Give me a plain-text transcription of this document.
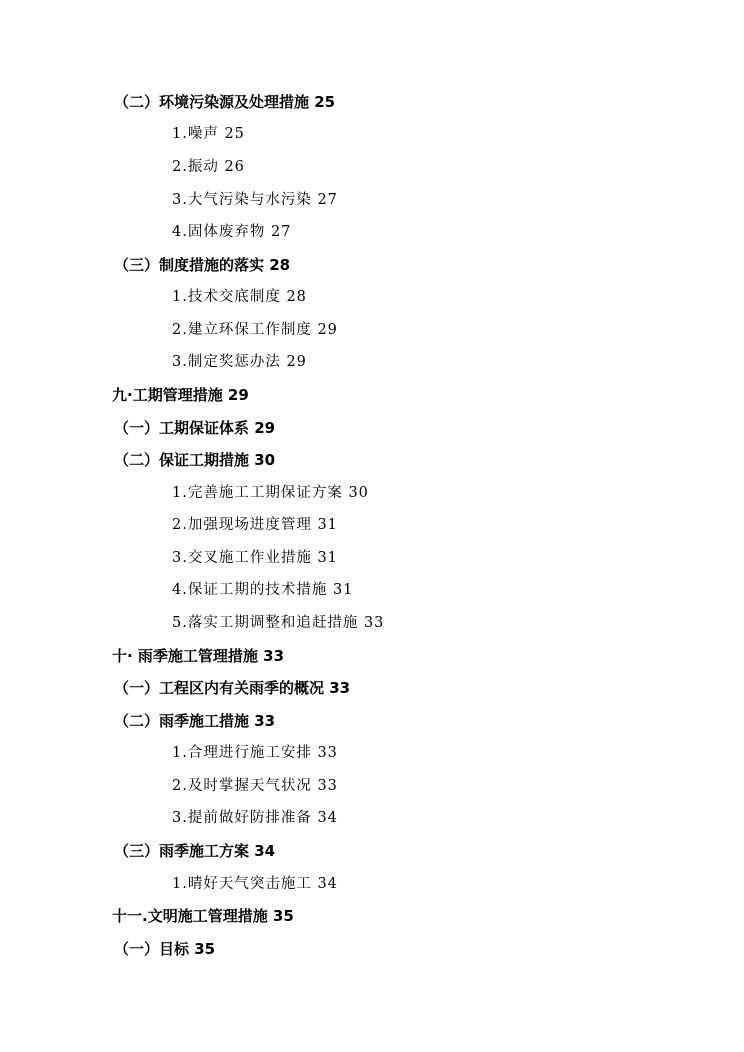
（二）环境污染源及处理措施 25
1.噪声 25
2.振动 26
3.大气污染与水污染 27
4.固体废弃物 27
（三）制度措施的落实 28
1.技术交底制度 28
2.建立环保工作制度 29
3.制定奖惩办法 29
九·工期管理措施 29
（一）工期保证体系 29
（二）保证工期措施 30
1.完善施工工期保证方案 30
2.加强现场进度管理 31
3.交叉施工作业措施 31
4.保证工期的技术措施 31
5.落实工期调整和追赶措施 33
十· 雨季施工管理措施 33
（一）工程区内有关雨季的概况 33
（二）雨季施工措施 33
1.合理进行施工安排 33
2.及时掌握天气状况 33
3.提前做好防排准备 34
（三）雨季施工方案 34
1.晴好天气突击施工 34
十一.文明施工管理措施 35
（一）目标 35
